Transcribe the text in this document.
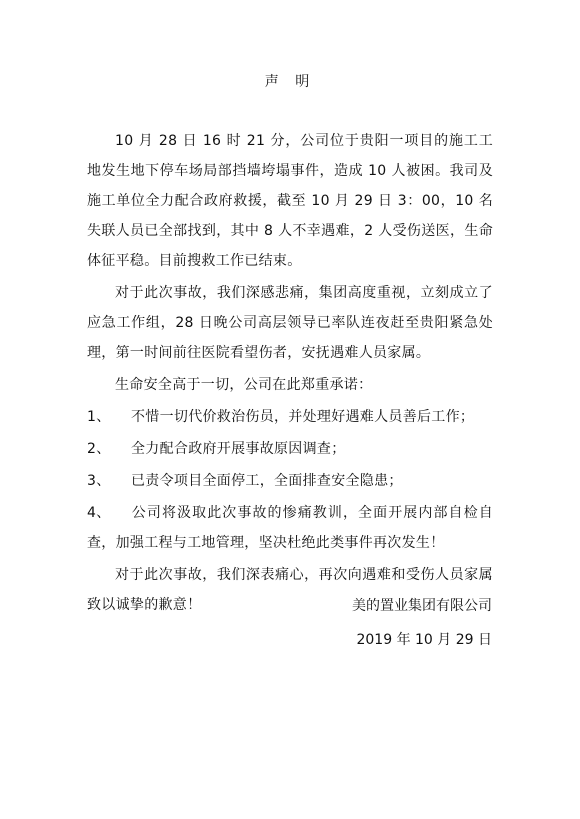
声 明

10 月 28 日 16 时 21 分，公司位于贵阳一项目的施工工地发生地下停车场局部挡墙垮塌事件，造成 10 人被困。我司及施工单位全力配合政府救援，截至 10 月 29 日 3：00，10 名失联人员已全部找到，其中 8 人不幸遇难，2 人受伤送医，生命体征平稳。目前搜救工作已结束。

对于此次事故，我们深感悲痛，集团高度重视，立刻成立了应急工作组，28 日晚公司高层领导已率队连夜赶至贵阳紧急处理，第一时间前往医院看望伤者，安抚遇难人员家属。

生命安全高于一切，公司在此郑重承诺：

1、 不惜一切代价救治伤员，并处理好遇难人员善后工作；
2、 全力配合政府开展事故原因调查；
3、 已责令项目全面停工，全面排查安全隐患；
4、 公司将汲取此次事故的惨痛教训，全面开展内部自检自查，加强工程与工地管理，坚决杜绝此类事件再次发生！

对于此次事故，我们深表痛心，再次向遇难和受伤人员家属致以诚挚的歉意！	美的置业集团有限公司
2019 年 10 月 29 日
